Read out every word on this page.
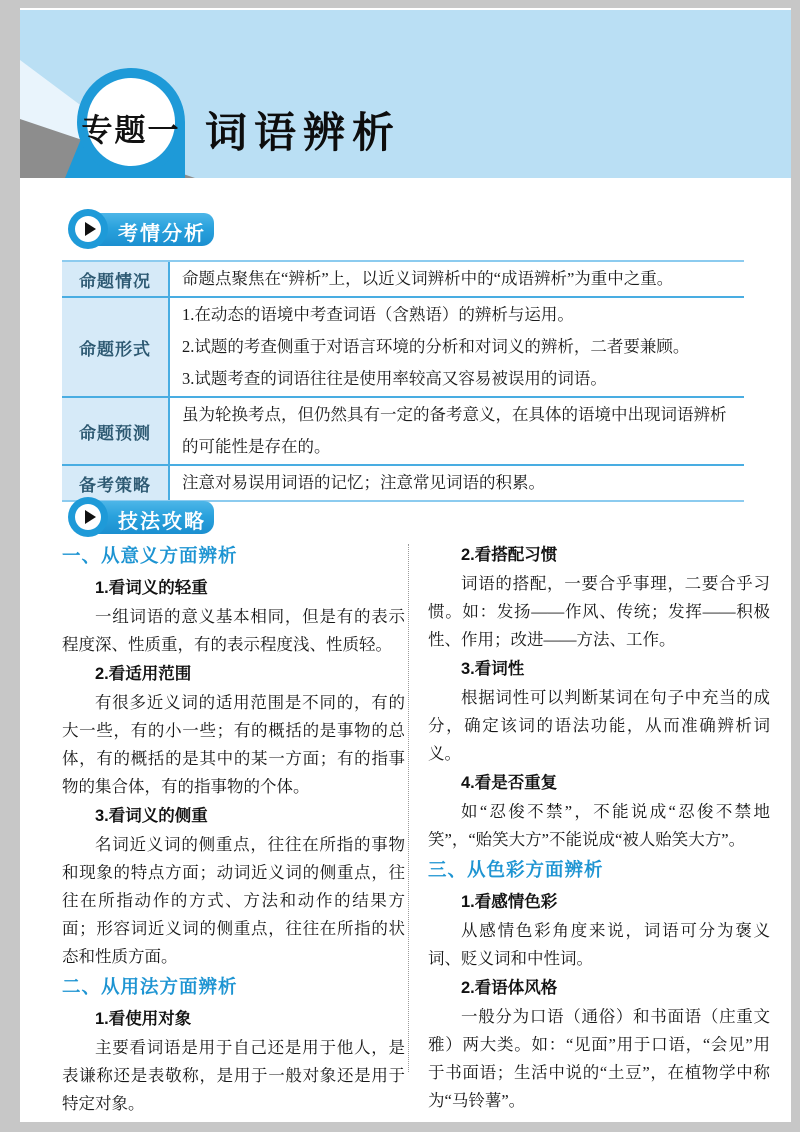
专题一 词语辨析
考情分析
命题情况	命题点聚焦在“辨析”上，以近义词辨析中的“成语辨析”为重中之重。

命题形式

1.在动态的语境中考查词语（含熟语）的辨析与运用。

2.试题的考查侧重于对语言环境的分析和对词义的辨析，二者要兼顾。

3.试题考查的词语往往是使用率较高又容易被误用的词语。

命题预测

虽为轮换考点，但仍然具有一定的备考意义，在具体的语境中出现词语辨析的可能性是存在的。

备考策略	注意对易误用词语的记忆；注意常见词语的积累。

技法攻略
一、从意义方面辨析
1.看词义的轻重
一组词语的意义基本相同，但是有的表示程度深、性质重，有的表示程度浅、性质轻。
2.看适用范围
有很多近义词的适用范围是不同的，有的大一些，有的小一些；有的概括的是事物的总体，有的概括的是其中的某一方面；有的指事物的集合体，有的指事物的个体。
3.看词义的侧重
名词近义词的侧重点，往往在所指的事物和现象的特点方面；动词近义词的侧重点，往往在所指动作的方式、方法和动作的结果方面；形容词近义词的侧重点，往往在所指的状态和性质方面。
二、从用法方面辨析
1.看使用对象
主要看词语是用于自己还是用于他人，是表谦称还是表敬称，是用于一般对象还是用于特定对象。
2.看搭配习惯
词语的搭配，一要合乎事理，二要合乎习惯。如：发扬——作风、传统；发挥——积极性、作用；改进——方法、工作。
3.看词性
根据词性可以判断某词在句子中充当的成分，确定该词的语法功能，从而准确辨析词义。
4.看是否重复
如“忍俊不禁”，不能说成“忍俊不禁地笑”，“贻笑大方”不能说成“被人贻笑大方”。
三、从色彩方面辨析
1.看感情色彩
从感情色彩角度来说，词语可分为褒义词、贬义词和中性词。
2.看语体风格
一般分为口语（通俗）和书面语（庄重文雅）两大类。如：“见面”用于口语，“会见”用于书面语；生活中说的“土豆”，在植物学中称为“马铃薯”。
